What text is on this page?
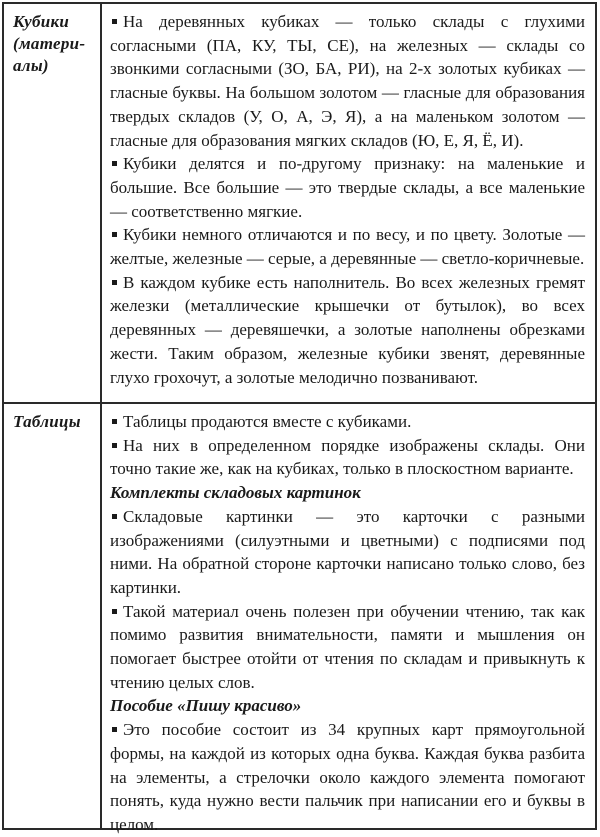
Кубики
(матери-
алы)

На деревянных кубиках — только склады с глухими согласными (ПА, КУ, ТЫ, СЕ), на железных — склады со звонкими согласными (ЗО, БА, РИ), на 2-х золотых кубиках — гласные буквы. На большом золотом — гласные для образования твердых складов (У, О, А, Э, Я), а на маленьком золотом — гласные для образования мягких складов (Ю, Е, Я, Ё, И).

Кубики делятся и по-другому признаку: на маленькие и большие. Все большие — это твердые склады, а все маленькие — соответственно мягкие.

Кубики немного отличаются и по весу, и по цвету. Золотые — желтые, железные — серые, а деревянные — светло-коричневые.

В каждом кубике есть наполнитель. Во всех железных гремят железки (металлические крышечки от бутылок), во всех деревянных — деревяшечки, а золотые наполнены обрезками жести. Таким образом, железные кубики звенят, деревянные глухо грохочут, а золотые мелодично позванивают.

Таблицы	Таблицы продаются вместе с кубиками.

На них в определенном порядке изображены склады. Они точно такие же, как на кубиках, только в плоскостном варианте.

Комплекты складовых картинок

Складовые картинки — это карточки с разными изображениями (силуэтными и цветными) с подписями под ними. На обратной стороне карточки написано только слово, без картинки.

Такой материал очень полезен при обучении чтению, так как помимо развития внимательности, памяти и мышления он помогает быстрее отойти от чтения по складам и привыкнуть к чтению целых слов.

Пособие «Пишу красиво»

Это пособие состоит из 34 крупных карт прямоугольной формы, на каждой из которых одна буква. Каждая буква разбита на элементы, а стрелочки около каждого элемента помогают понять, куда нужно вести пальчик при написании его и буквы в целом.
